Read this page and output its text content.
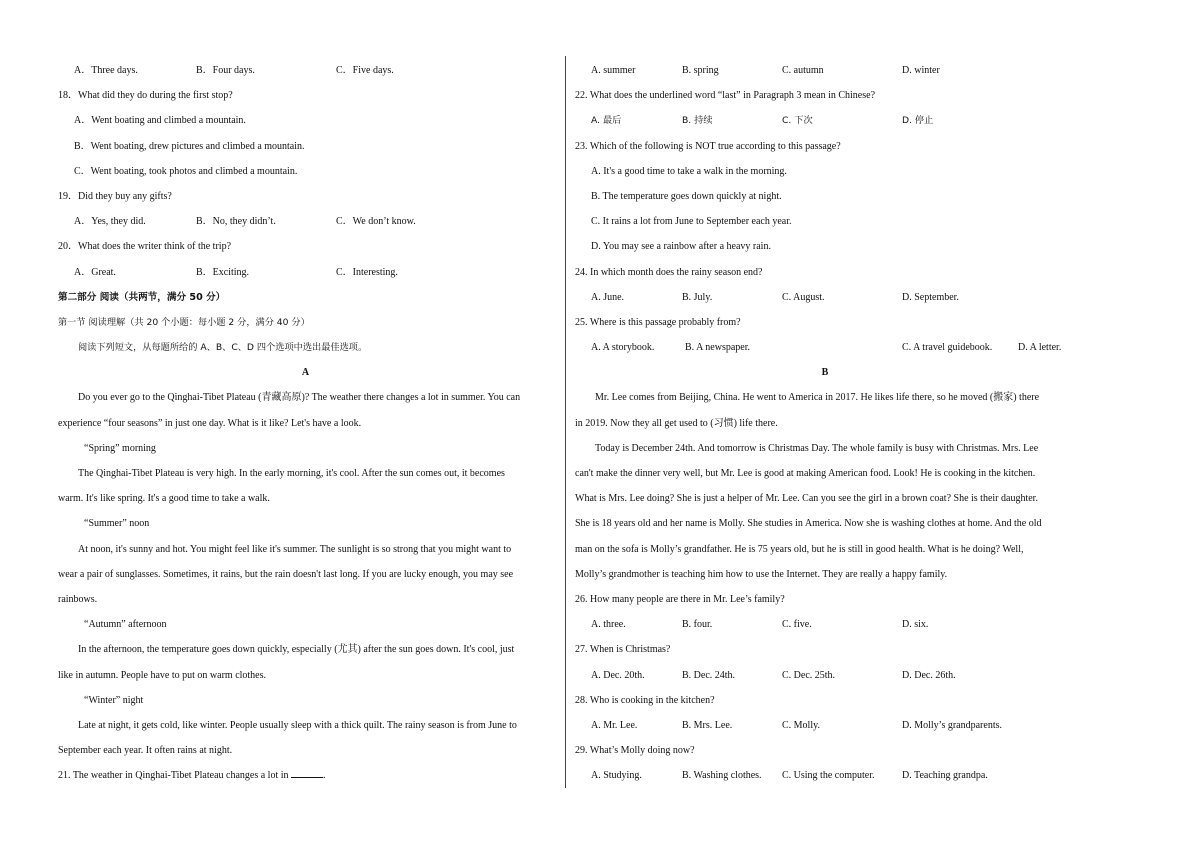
A．Three days.	B．Four days.	C．Five days.
18．What did they do during the first stop?
A．Went boating and climbed a mountain.
B．Went boating, drew pictures and climbed a mountain.
C．Went boating, took photos and climbed a mountain.
19．Did they buy any gifts?
A．Yes, they did.	B．No, they didn’t.	C．We don’t know.
20．What does the writer think of the trip?
A．Great.	B．Exciting.	C．Interesting.
第二部分 阅读（共两节，满分 50 分）
第一节 阅读理解（共 20 个小题：每小题 2 分，满分 40 分）
阅读下列短文，从每题所给的 A、B、C、D 四个选项中选出最佳选项。
A
Do you ever go to the Qinghai-Tibet Plateau (青藏高原)? The weather there changes a lot in summer. You can
experience “four seasons” in just one day. What is it like? Let's have a look.
“Spring” morning
The Qinghai-Tibet Plateau is very high. In the early morning, it's cool. After the sun comes out, it becomes
warm. It's like spring. It's a good time to take a walk.
“Summer” noon
At noon, it's sunny and hot. You might feel like it's summer. The sunlight is so strong that you might want to
wear a pair of sunglasses. Sometimes, it rains, but the rain doesn't last long. If you are lucky enough, you may see
rainbows.
“Autumn” afternoon
In the afternoon, the temperature goes down quickly, especially (尤其) after the sun goes down. It's cool, just
like in autumn. People have to put on warm clothes.
“Winter” night
Late at night, it gets cold, like winter. People usually sleep with a thick quilt. The rainy season is from June to
September each year. It often rains at night.
21. The weather in Qinghai-Tibet Plateau changes a lot in	.
A. summer	B. spring	C. autumn	D. winter
22. What does the underlined word “last” in Paragraph 3 mean in Chinese?
A. 最后	B. 持续	C. 下次	D. 停止
23. Which of the following is NOT true according to this passage?
A. It's a good time to take a walk in the morning.
B. The temperature goes down quickly at night.
C. It rains a lot from June to September each year.
D. You may see a rainbow after a heavy rain.
24. In which month does the rainy season end?
A. June.	B. July.	C. August.	D. September.
25. Where is this passage probably from?
A. A storybook.	B. A newspaper.	C. A travel guidebook.	D. A letter.
B
Mr. Lee comes from Beijing, China. He went to America in 2017. He likes life there, so he moved (搬家) there
in 2019. Now they all get used to (习惯) life there.
Today is December 24th. And tomorrow is Christmas Day. The whole family is busy with Christmas. Mrs. Lee
can't make the dinner very well, but Mr. Lee is good at making American food. Look! He is cooking in the kitchen.
What is Mrs. Lee doing? She is just a helper of Mr. Lee. Can you see the girl in a brown coat? She is their daughter.
She is 18 years old and her name is Molly. She studies in America. Now she is washing clothes at home. And the old
man on the sofa is Molly’s grandfather. He is 75 years old, but he is still in good health. What is he doing? Well,
Molly’s grandmother is teaching him how to use the Internet. They are really a happy family.
26. How many people are there in Mr. Lee’s family?
A. three.	B. four.	C. five.	D. six.
27. When is Christmas?
A. Dec. 20th.	B. Dec. 24th.	C. Dec. 25th.	D. Dec. 26th.
28. Who is cooking in the kitchen?
A. Mr. Lee.	B. Mrs. Lee.	C. Molly.	D. Molly’s grandparents.
29. What’s Molly doing now?
A. Studying.	B. Washing clothes. C. Using the computer.	D. Teaching grandpa.
